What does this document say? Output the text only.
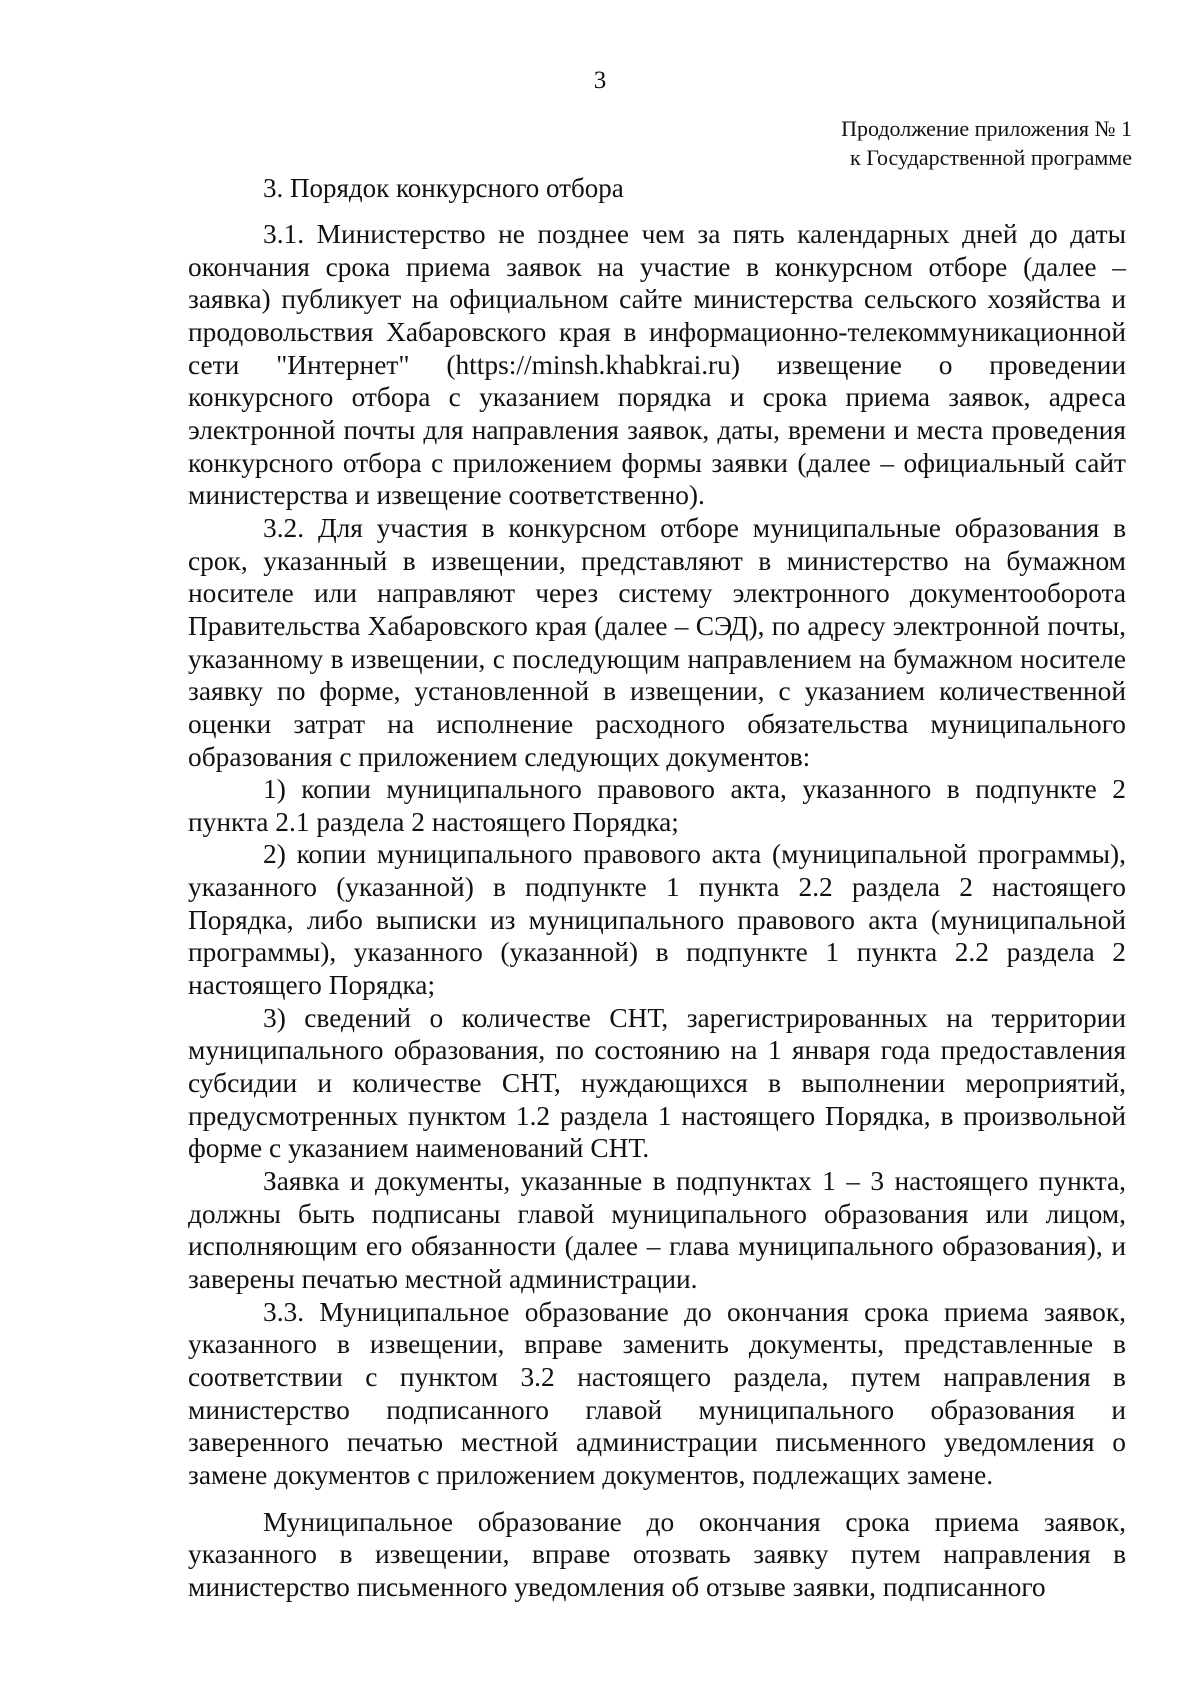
3
Продолжение приложения № 1
к Государственной программе
3. Порядок конкурсного отбора

3.1. Министерство не позднее чем за пять календарных дней до даты окончания срока приема заявок на участие в конкурсном отборе (далее – заявка) публикует на официальном сайте министерства сельского хозяйства и продовольствия Хабаровского края в информационно-телекоммуникационной сети "Интернет" (https://minsh.khabkrai.ru) извещение о проведении конкурсного отбора с указанием порядка и срока приема заявок, адреса электронной почты для направления заявок, даты, времени и места проведения конкурсного отбора с приложением формы заявки (далее – официальный сайт министерства и извещение соответственно).

3.2. Для участия в конкурсном отборе муниципальные образования в срок, указанный в извещении, представляют в министерство на бумажном носителе или направляют через систему электронного документооборота Правительства Хабаровского края (далее – СЭД), по адресу электронной почты, указанному в извещении, с последующим направлением на бумажном носителе заявку по форме, установленной в извещении, с указанием количественной оценки затрат на исполнение расходного обязательства муниципального образования с приложением следующих документов:

1) копии муниципального правового акта, указанного в подпункте 2 пункта 2.1 раздела 2 настоящего Порядка;

2) копии муниципального правового акта (муниципальной программы), указанного (указанной) в подпункте 1 пункта 2.2 раздела 2 настоящего Порядка, либо выписки из муниципального правового акта (муниципальной программы), указанного (указанной) в подпункте 1 пункта 2.2 раздела 2 настоящего Порядка;

3) сведений о количестве СНТ, зарегистрированных на территории муниципального образования, по состоянию на 1 января года предоставления субсидии и количестве СНТ, нуждающихся в выполнении мероприятий, предусмотренных пунктом 1.2 раздела 1 настоящего Порядка, в произвольной форме с указанием наименований СНТ.

Заявка и документы, указанные в подпунктах 1 – 3 настоящего пункта, должны быть подписаны главой муниципального образования или лицом, исполняющим его обязанности (далее – глава муниципального образования), и заверены печатью местной администрации.

3.3. Муниципальное образование до окончания срока приема заявок, указанного в извещении, вправе заменить документы, представленные в соответствии с пунктом 3.2 настоящего раздела, путем направления в министерство подписанного главой муниципального образования и заверенного печатью местной администрации письменного уведомления о замене документов с приложением документов, подлежащих замене.

Муниципальное образование до окончания срока приема заявок, указанного в извещении, вправе отозвать заявку путем направления в министерство письменного уведомления об отзыве заявки, подписанного
